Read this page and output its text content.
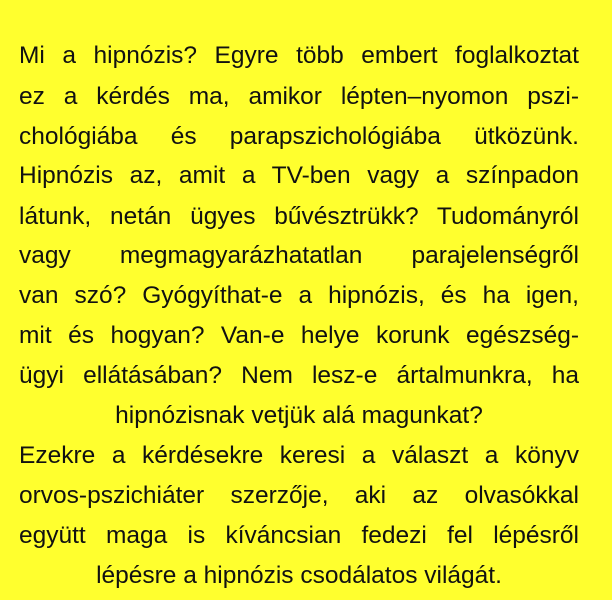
Mi a hipnózis? Egyre több embert foglalkoztat
ez a kérdés ma, amikor lépten–nyomon pszi-
chológiába és parapszichológiába ütközünk.
Hipnózis az, amit a TV-ben vagy a színpadon
látunk, netán ügyes bűvésztrükk? Tudományról
vagy megmagyarázhatatlan parajelenségről
van szó? Gyógyíthat-e a hipnózis, és ha igen,
mit és hogyan? Van-e helye korunk egészség-
ügyi ellátásában? Nem lesz-e ártalmunkra, ha
hipnózisnak vetjük alá magunkat?
Ezekre a kérdésekre keresi a választ a könyv
orvos-pszichiáter szerzője, aki az olvasókkal
együtt maga is kíváncsian fedezi fel lépésről
lépésre a hipnózis csodálatos világát.
